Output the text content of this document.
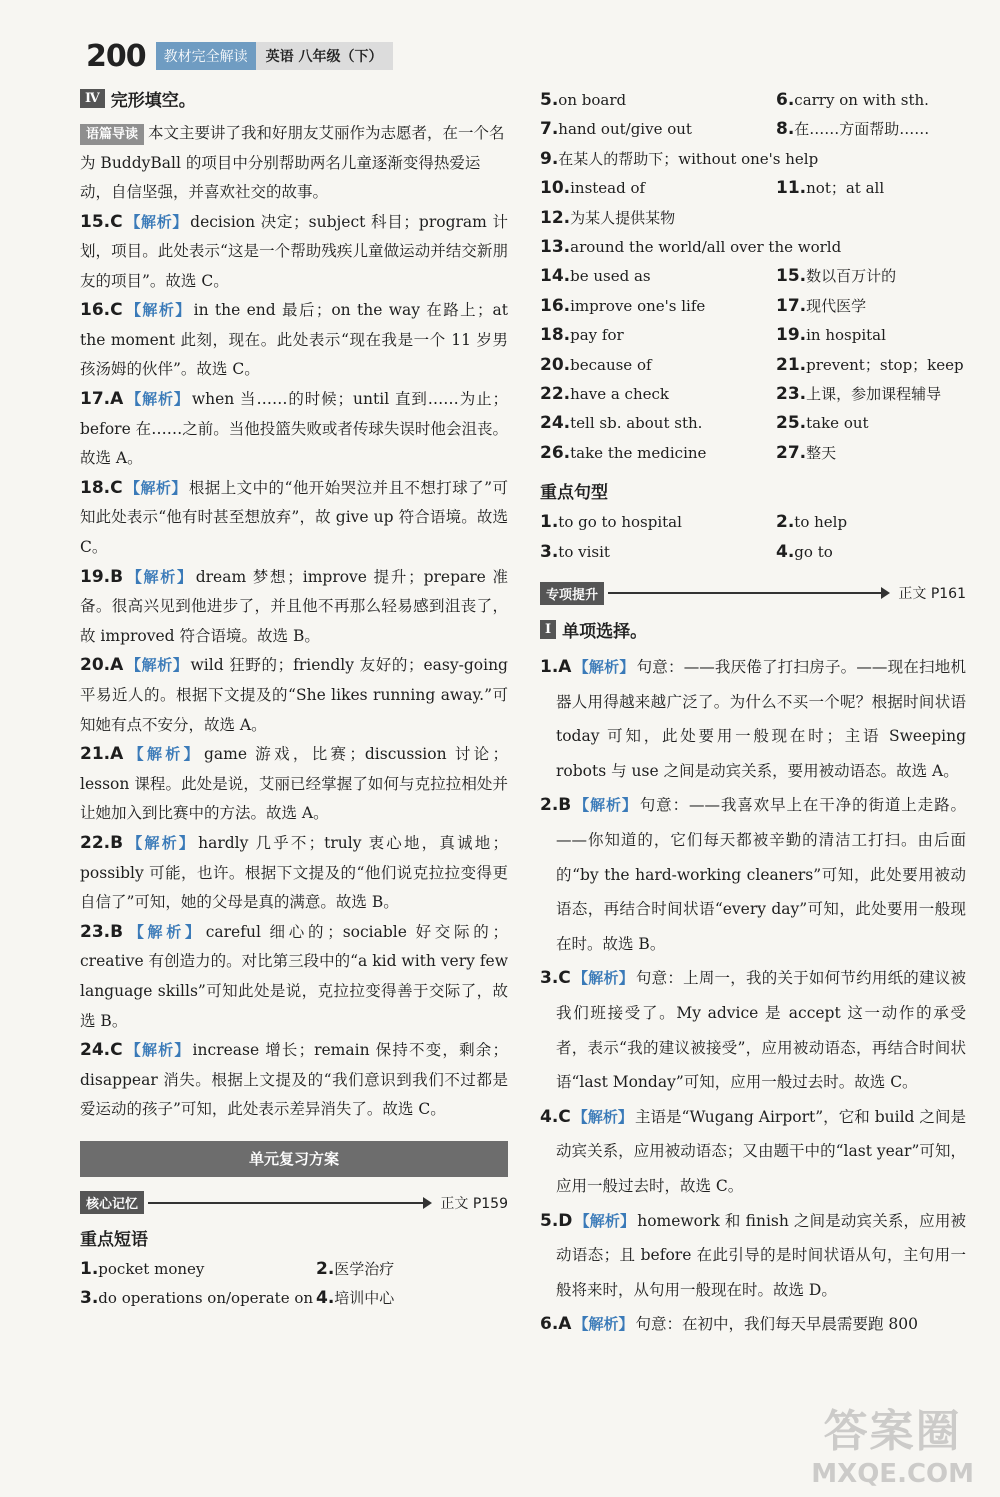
200	教材完全解读	英语 八年级（下）
Ⅳ 完形填空。
语篇导读 本文主要讲了我和好朋友艾丽作为志愿者，在一个名为 BuddyBall 的项目中分别帮助两名儿童逐渐变得热爱运动，自信坚强，并喜欢社交的故事。
15.C 【解析】 decision 决定；subject 科目；program 计划，项目。此处表示“这是一个帮助残疾儿童做运动并结交新朋友的项目”。故选 C。
16.C 【解析】 in the end 最后；on the way 在路上；at the moment 此刻，现在。此处表示“现在我是一个 11 岁男孩汤姆的伙伴”。故选 C。
17.A 【解析】 when 当……的时候；until 直到……为止；before 在……之前。当他投篮失败或者传球失误时他会沮丧。故选 A。
18.C 【解析】 根据上文中的“他开始哭泣并且不想打球了”可知此处表示“他有时甚至想放弃”，故 give up 符合语境。故选 C。
19.B 【解析】 dream 梦想；improve 提升；prepare 准备。很高兴见到他进步了，并且他不再那么轻易感到沮丧了，故 improved 符合语境。故选 B。
20.A 【解析】 wild 狂野的；friendly 友好的；easy-going 平易近人的。根据下文提及的“She likes running away.”可知她有点不安分，故选 A。
21.A 【解析】 game 游戏，比赛；discussion 讨论；lesson 课程。此处是说，艾丽已经掌握了如何与克拉拉相处并让她加入到比赛中的方法。故选 A。
22.B 【解析】 hardly 几乎不；truly 衷心地，真诚地；possibly 可能，也许。根据下文提及的“他们说克拉拉变得更自信了”可知，她的父母是真的满意。故选 B。
23.B 【解析】 careful 细心的；sociable 好交际的；creative 有创造力的。对比第三段中的“a kid with very few language skills”可知此处是说，克拉拉变得善于交际了，故选 B。
24.C 【解析】 increase 增长；remain 保持不变，剩余；disappear 消失。根据上文提及的“我们意识到我们不过都是爱运动的孩子”可知，此处表示差异消失了。故选 C。
单元复习方案
核心记忆	正文 P159
重点短语
1.pocket money	2.医学治疗
3.do operations on/operate on 4.培训中心
5.on board	6.carry on with sth.
7.hand out/give out	8.在……方面帮助……
9.在某人的帮助下；without one's help
10.instead of	11.not；at all
12.为某人提供某物
13.around the world/all over the world
14.be used as	15.数以百万计的
16.improve one's life	17.现代医学
18.pay for	19.in hospital
20.because of	21.prevent；stop；keep
22.have a check	23.上课，参加课程辅导
24.tell sb. about sth.	25.take out
26.take the medicine	27.整天
重点句型
1.to go to hospital	2.to help
3.to visit	4.go to
专项提升	正文 P161
Ⅰ 单项选择。
1.A 【解析】 句意：——我厌倦了打扫房子。——现在扫地机器人用得越来越广泛了。为什么不买一个呢？根据时间状语 today 可知，此处要用一般现在时；主语 Sweeping robots 与 use 之间是动宾关系，要用被动语态。故选 A。
2.B 【解析】 句意：——我喜欢早上在干净的街道上走路。——你知道的，它们每天都被辛勤的清洁工打扫。由后面的“by the hard-working cleaners”可知，此处要用被动语态，再结合时间状语“every day”可知，此处要用一般现在时。故选 B。
3.C 【解析】 句意：上周一，我的关于如何节约用纸的建议被我们班接受了。My advice 是 accept 这一动作的承受者，表示“我的建议被接受”，应用被动语态，再结合时间状语“last Monday”可知，应用一般过去时。故选 C。
4.C 【解析】 主语是“Wugang Airport”，它和 build 之间是动宾关系，应用被动语态；又由题干中的“last year”可知，应用一般过去时，故选 C。
5.D 【解析】 homework 和 finish 之间是动宾关系，应用被动语态；且 before 在此引导的是时间状语从句，主句用一般将来时，从句用一般现在时。故选 D。
6.A 【解析】 句意：在初中，我们每天早晨需要跑 800
答案圈
MXQE.COM
